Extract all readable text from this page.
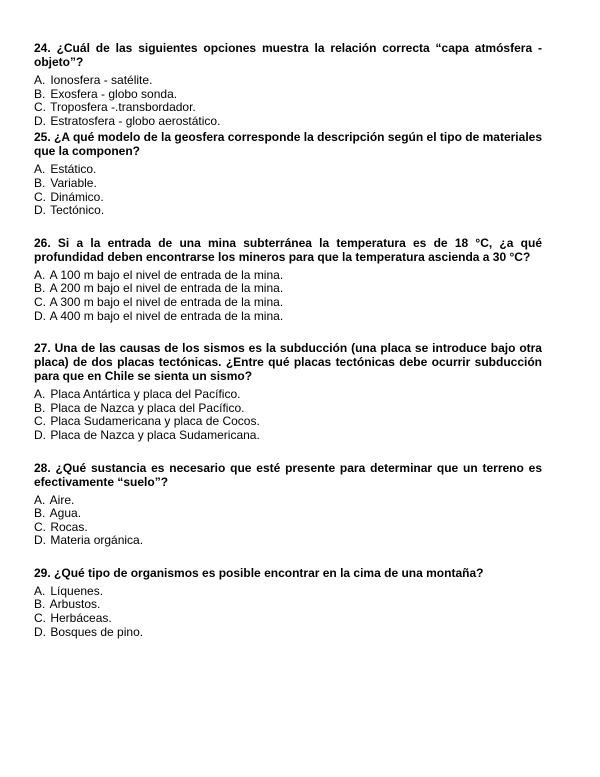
24. ¿Cuál de las siguientes opciones muestra la relación correcta “capa atmósfera - objeto”?

A. Ionosfera - satélite.
B. Exosfera - globo sonda.
C. Troposfera -.transbordador.
D. Estratosfera - globo aerostático.

25. ¿A qué modelo de la geosfera corresponde la descripción según el tipo de materiales que la componen?

A. Estático.
B. Variable.
C. Dinámico.
D. Tectónico.

26. Si a la entrada de una mina subterránea la temperatura es de 18 °C, ¿a qué profundidad deben encontrarse los mineros para que la temperatura ascienda a 30 °C?

A. A 100 m bajo el nivel de entrada de la mina.
B. A 200 m bajo el nivel de entrada de la mina.
C. A 300 m bajo el nivel de entrada de la mina.
D. A 400 m bajo el nivel de entrada de la mina.

27. Una de las causas de los sismos es la subducción (una placa se introduce bajo otra placa) de dos placas tectónicas. ¿Entre qué placas tectónicas debe ocurrir subducción para que en Chile se sienta un sismo?

A. Placa Antártica y placa del Pacífico.
B. Placa de Nazca y placa del Pacífico.
C. Placa Sudamericana y placa de Cocos.
D. Placa de Nazca y placa Sudamericana.

28. ¿Qué sustancia es necesario que esté presente para determinar que un terreno es efectivamente “suelo”?

A. Aire.
B. Agua.
C. Rocas.
D. Materia orgánica.

29. ¿Qué tipo de organismos es posible encontrar en la cima de una montaña?

A. Líquenes.
B. Arbustos.
C. Herbáceas.
D. Bosques de pino.
